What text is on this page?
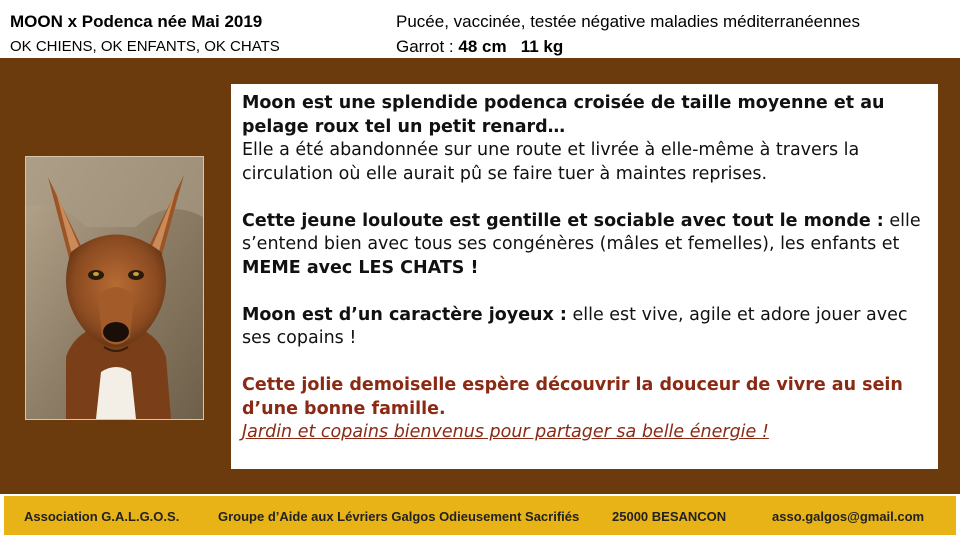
MOON x Podenca née Mai 2019
OK CHIENS, OK ENFANTS, OK CHATS
Pucée, vaccinée, testée négative maladies méditerranéennes
Garrot : 48 cm 11 kg

Moon est une splendide podenca croisée de taille moyenne et au pelage roux tel un petit renard…
Elle a été abandonnée sur une route et livrée à elle-même à travers la circulation où elle aurait pû se faire tuer à maintes reprises.

Cette jeune louloute est gentille et sociable avec tout le monde : elle s’entend bien avec tous ses congénères (mâles et femelles), les enfants et MEME avec LES CHATS !

Moon est d’un caractère joyeux : elle est vive, agile et adore jouer avec ses copains !

Cette jolie demoiselle espère découvrir la douceur de vivre au sein d’une bonne famille.
Jardin et copains bienvenus pour partager sa belle énergie !

Association G.A.L.G.O.S.	Groupe d’Aide aux Lévriers Galgos Odieusement Sacrifiés	25000 BESANCON	asso.galgos@gmail.com
